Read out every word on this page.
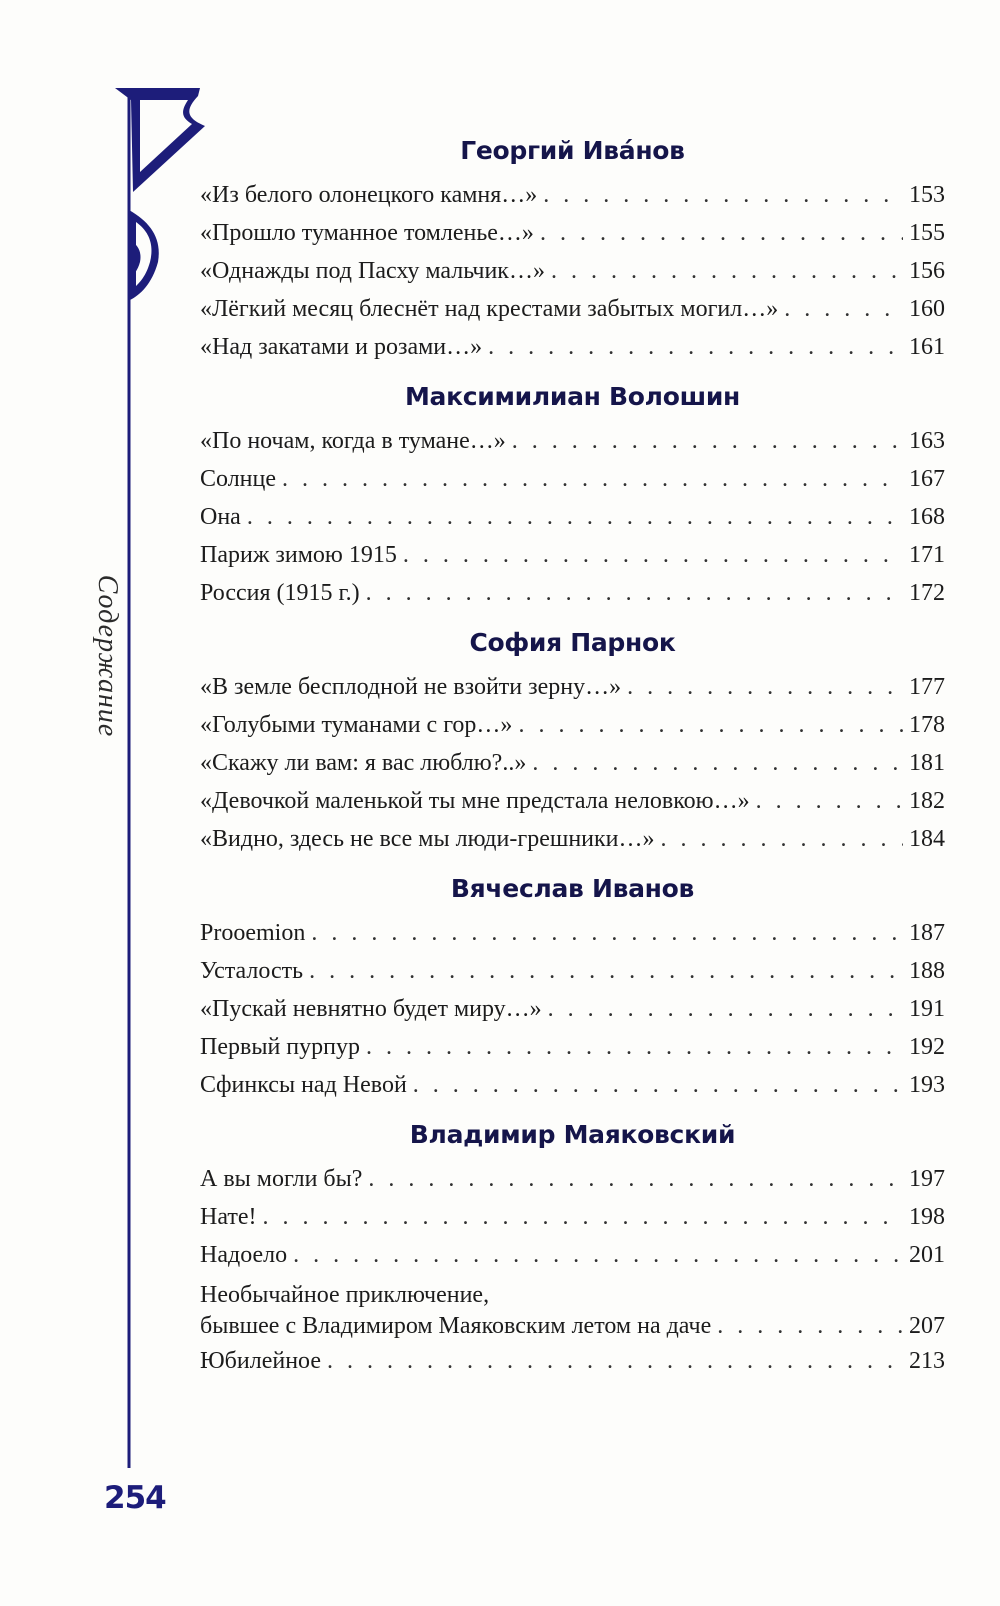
Содержание
254
Георгий Ива́нов
«Из белого олонецкого камня…» . . .	153
«Прошло туманное томленье…» . . .	155
«Однажды под Пасху мальчик…» . . .	156
«Лёгкий месяц блеснёт над крестами забытых могил…» . . .	160
«Над закатами и розами…» . . .	161
Максимилиан Волошин
«По ночам, когда в тумане…» . . .	163
Солнце . . .	167
Она . . .	168
Париж зимою 1915 . . .	171
Россия (1915 г.) . . .	172
София Парнок
«В земле бесплодной не взойти зерну…» . . .	177
«Голубыми туманами с гор…» . . .	178
«Скажу ли вам: я вас люблю?..» . . .	181
«Девочкой маленькой ты мне предстала неловкою…» . . .	182
«Видно, здесь не все мы люди-грешники…» . . .	184
Вячеслав Иванов
Prooemion . . .	187
Усталость . . .	188
«Пускай невнятно будет миру…» . . .	191
Первый пурпур . . .	192
Сфинксы над Невой . . .	193
Владимир Маяковский
А вы могли бы? . . .	197
Нате! . . .	198
Надоело . . .	201
Необычайное приключение,
бывшее с Владимиром Маяковским летом на даче . . .	207
Юбилейное . . .	213
